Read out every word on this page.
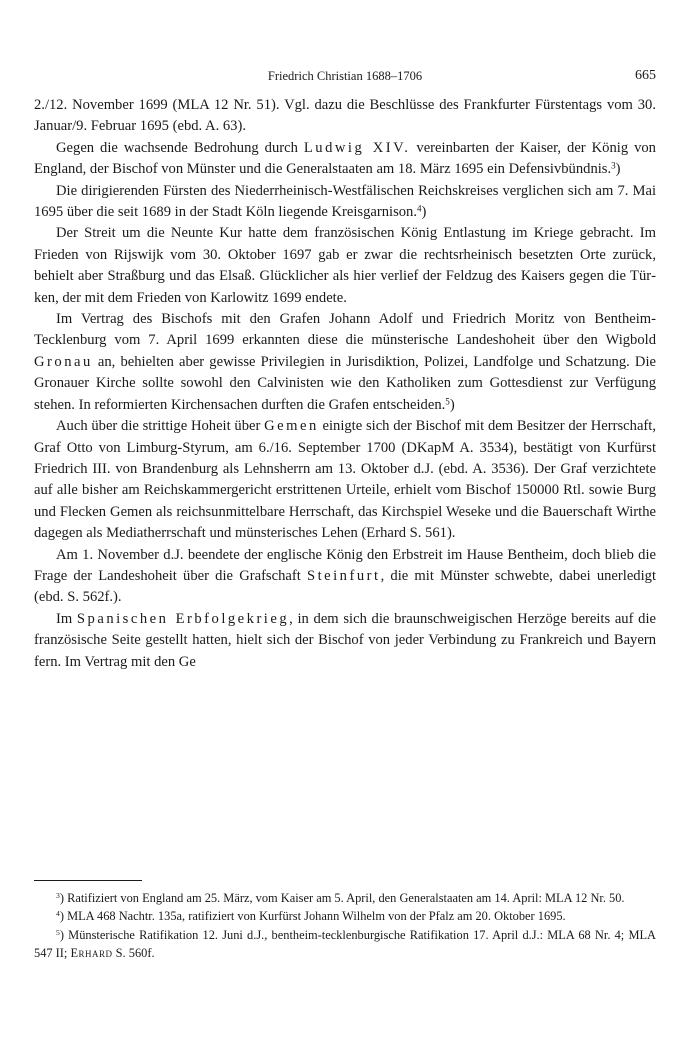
Friedrich Christian 1688–1706	665

2./12. November 1699 (MLA 12 Nr. 51). Vgl. dazu die Beschlüsse des Frankfurter Fürstentags vom 30. Januar/9. Februar 1695 (ebd. A. 63).

Gegen die wachsende Bedrohung durch Ludwig XIV. vereinbarten der Kaiser, der König von England, der Bischof von Münster und die Generalstaaten am 18. März 1695 ein Defensivbündnis.$^3$)

Die dirigierenden Fürsten des Niederrheinisch-Westfälischen Reichskreises verglichen sich am 7. Mai 1695 über die seit 1689 in der Stadt Köln liegende Kreisgarnison.$^4$)

Der Streit um die Neunte Kur hatte dem französischen König Entlastung im Kriege gebracht. Im Frieden von Rijswijk vom 30. Oktober 1697 gab er zwar die rechtsrheinisch besetzten Orte zurück, behielt aber Straßburg und das Elsaß. Glücklicher als hier verlief der Feldzug des Kaisers gegen die Türken, der mit dem Frieden von Karlowitz 1699 endete.

Im Vertrag des Bischofs mit den Grafen Johann Adolf und Friedrich Moritz von Bentheim-Tecklenburg vom 7. April 1699 erkannten diese die münsterische Landeshoheit über den Wigbold Gronau an, behielten aber gewisse Privilegien in Jurisdiktion, Polizei, Landfolge und Schatzung. Die Gronauer Kirche sollte sowohl den Calvinisten wie den Katholiken zum Gottesdienst zur Verfügung stehen. In reformierten Kirchensachen durften die Grafen entscheiden.$^5$)

Auch über die strittige Hoheit über Gemen einigte sich der Bischof mit dem Besitzer der Herrschaft, Graf Otto von Limburg-Styrum, am 6./16. September 1700 (DKapM A. 3534), bestätigt von Kurfürst Friedrich III. von Brandenburg als Lehnsherrn am 13. Oktober d.J. (ebd. A. 3536). Der Graf verzichtete auf alle bisher am Reichskammergericht erstrittenen Urteile, erhielt vom Bischof 150000 Rtl. sowie Burg und Flecken Gemen als reichsunmittelbare Herrschaft, das Kirchspiel Weseke und die Bauerschaft Wirthe dagegen als Mediatherrschaft und münsterisches Lehen (Erhard S. 561).

Am 1. November d.J. beendete der englische König den Erbstreit im Hause Bentheim, doch blieb die Frage der Landeshoheit über die Grafschaft Steinfurt, die mit Münster schwebte, dabei unerledigt (ebd. S. 562f.).

Im Spanischen Erbfolgekrieg, in dem sich die braunschweigischen Herzöge bereits auf die französische Seite gestellt hatten, hielt sich der Bischof von jeder Verbindung zu Frankreich und Bayern fern. Im Vertrag mit den Ge

$^3$) Ratifiziert von England am 25. März, vom Kaiser am 5. April, den Generalstaaten am 14. April: MLA 12 Nr. 50.

$^4$) MLA 468 Nachtr. 135a, ratifiziert von Kurfürst Johann Wilhelm von der Pfalz am 20. Oktober 1695.

$^5$) Münsterische Ratifikation 12. Juni d.J., bentheim-tecklenburgische Ratifikation 17. April d.J.: MLA 68 Nr. 4; MLA 547 II; Erhard S. 560f.
